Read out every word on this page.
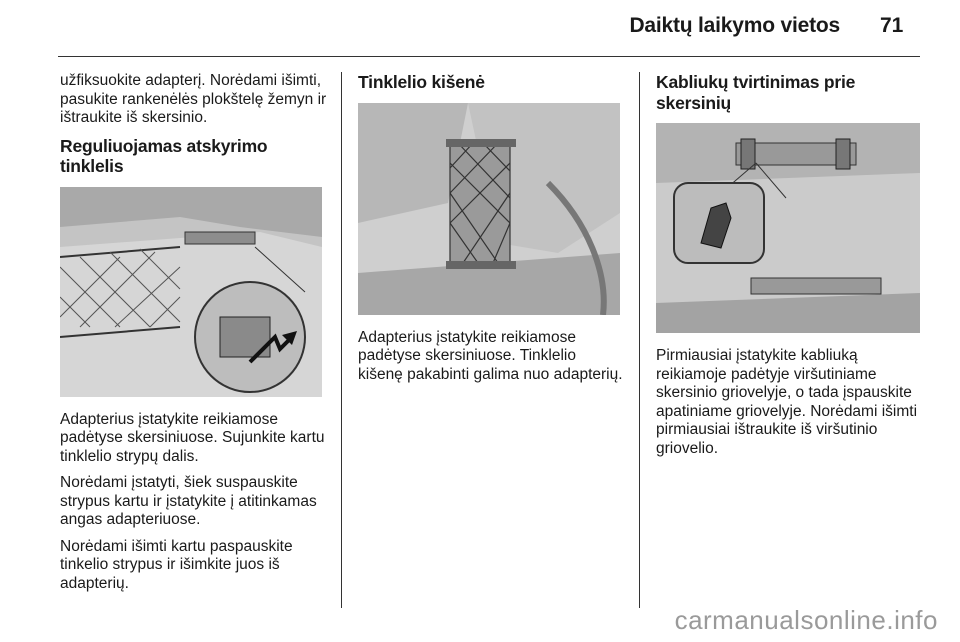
Daiktų laikymo vietos 71

užfiksuokite adapterį. Norėdami išimti, pasukite rankenėlės plokštelę žemyn ir ištraukite iš skersinio.

Reguliuojamas atskyrimo tinklelis

Adapterius įstatykite reikiamose padėtyse skersiniuose. Sujunkite kartu tinklelio strypų dalis.

Norėdami įstatyti, šiek suspauskite strypus kartu ir įstatykite į atitinkamas angas adapteriuose.

Norėdami išimti kartu paspauskite tinkelio strypus ir išimkite juos iš adapterių.

Tinklelio kišenė

Adapterius įstatykite reikiamose padėtyse skersiniuose. Tinklelio kišenę pakabinti galima nuo adapterių.

Kabliukų tvirtinimas prie skersinių

Pirmiausiai įstatykite kabliuką reikiamoje padėtyje viršutiniame skersinio griovelyje, o tada įspauskite apatiniame griovelyje. Norėdami išimti pirmiausiai ištraukite iš viršutinio griovelio.

carmanualsonline.info
